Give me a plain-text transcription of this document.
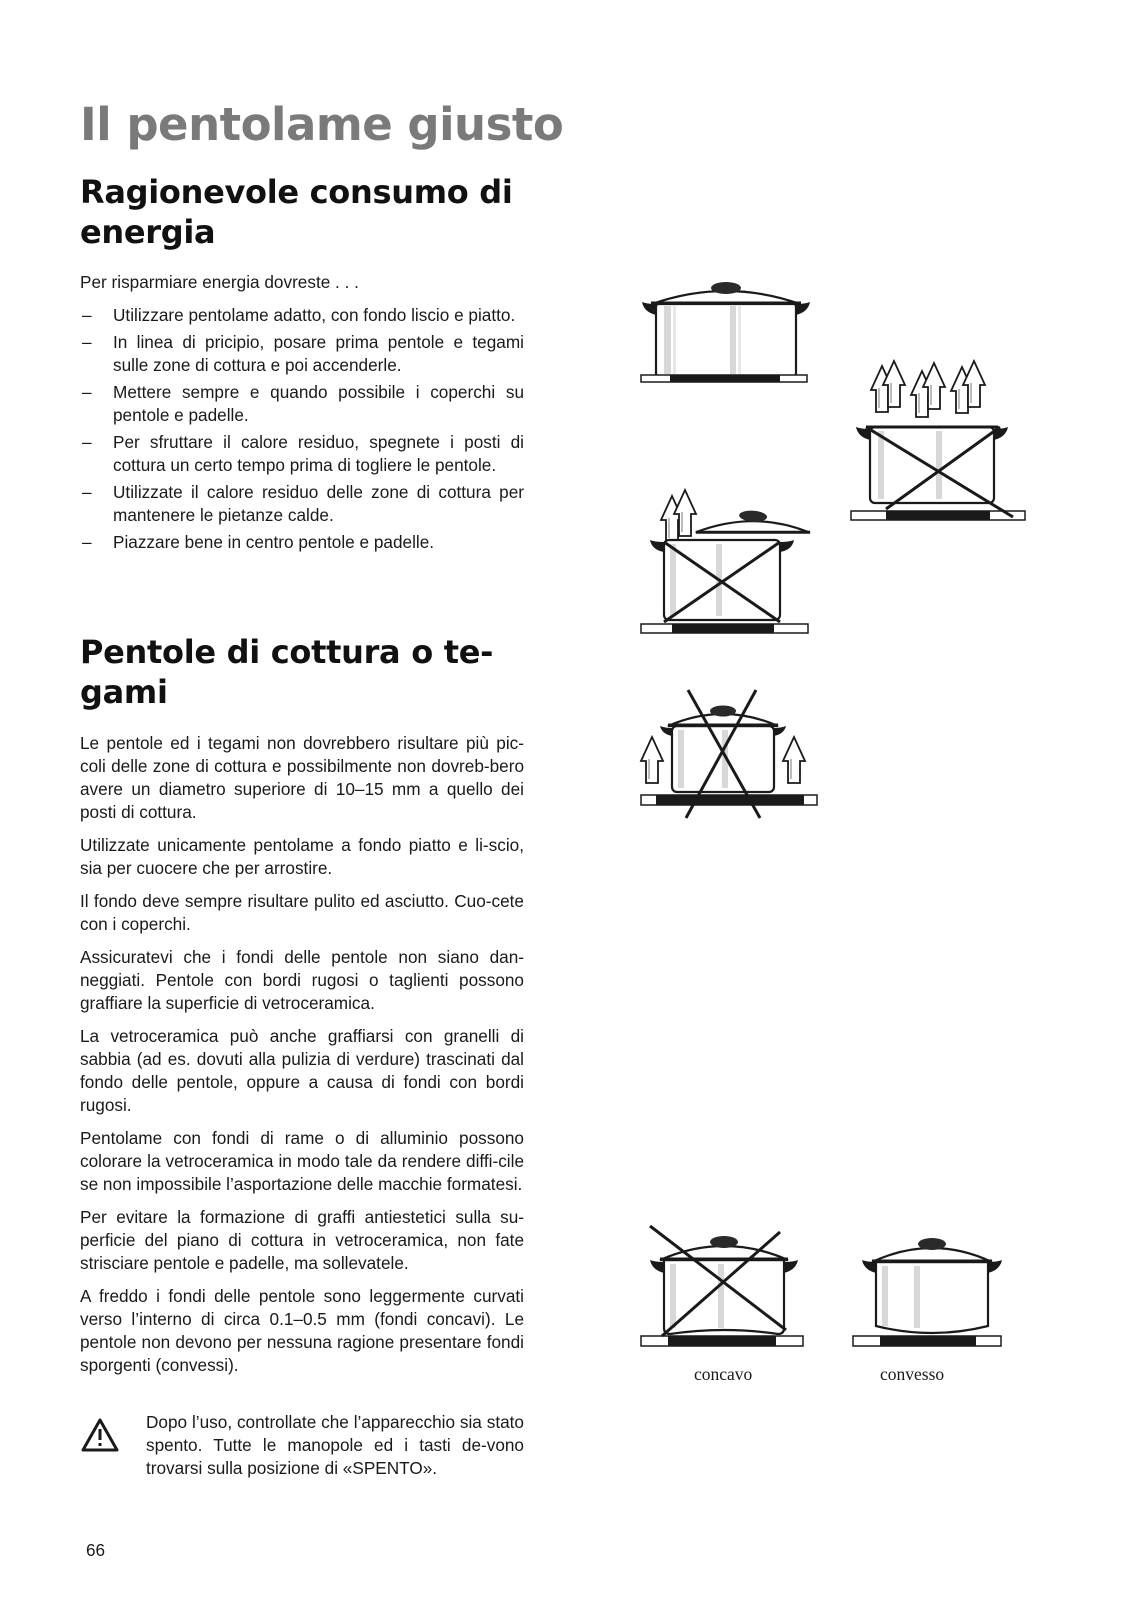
Il pentolame giusto
Ragionevole consumo di energia

Per risparmiare energia dovreste . . .

– Utilizzare pentolame adatto, con fondo liscio e piatto.
– In linea di pricipio, posare prima pentole e tegami sulle zone di cottura e poi accenderle.
– Mettere sempre e quando possibile i coperchi su pentole e padelle.
– Per sfruttare il calore residuo, spegnete i posti di cottura un certo tempo prima di togliere le pentole.
– Utilizzate il calore residuo delle zone di cottura per mantenere le pietanze calde.
– Piazzare bene in centro pentole e padelle.
Pentole di cottura o te-gami

Le pentole ed i tegami non dovrebbero risultare più pic-coli delle zone di cottura e possibilmente non dovreb-bero avere un diametro superiore di 10–15 mm a quello dei posti di cottura.

Utilizzate unicamente pentolame a fondo piatto e li-scio, sia per cuocere che per arrostire.

Il fondo deve sempre risultare pulito ed asciutto. Cuo-cete con i coperchi.

Assicuratevi che i fondi delle pentole non siano dan-neggiati. Pentole con bordi rugosi o taglienti possono graffiare la superficie di vetroceramica.

La vetroceramica può anche graffiarsi con granelli di sabbia (ad es. dovuti alla pulizia di verdure) trascinati dal fondo delle pentole, oppure a causa di fondi con bordi rugosi.

Pentolame con fondi di rame o di alluminio possono colorare la vetroceramica in modo tale da rendere diffi-cile se non impossibile l’asportazione delle macchie formatesi.

Per evitare la formazione di graffi antiestetici sulla su-perficie del piano di cottura in vetroceramica, non fate strisciare pentole e padelle, ma sollevatele.

A freddo i fondi delle pentole sono leggermente curvati verso l’interno di circa 0.1–0.5 mm (fondi concavi). Le pentole non devono per nessuna ragione presentare fondi sporgenti (convessi).

Dopo l’uso, controllate che l’apparecchio sia stato spento. Tutte le manopole ed i tasti de-vono trovarsi sulla posizione di «SPENTO».
66
concavo	convesso
